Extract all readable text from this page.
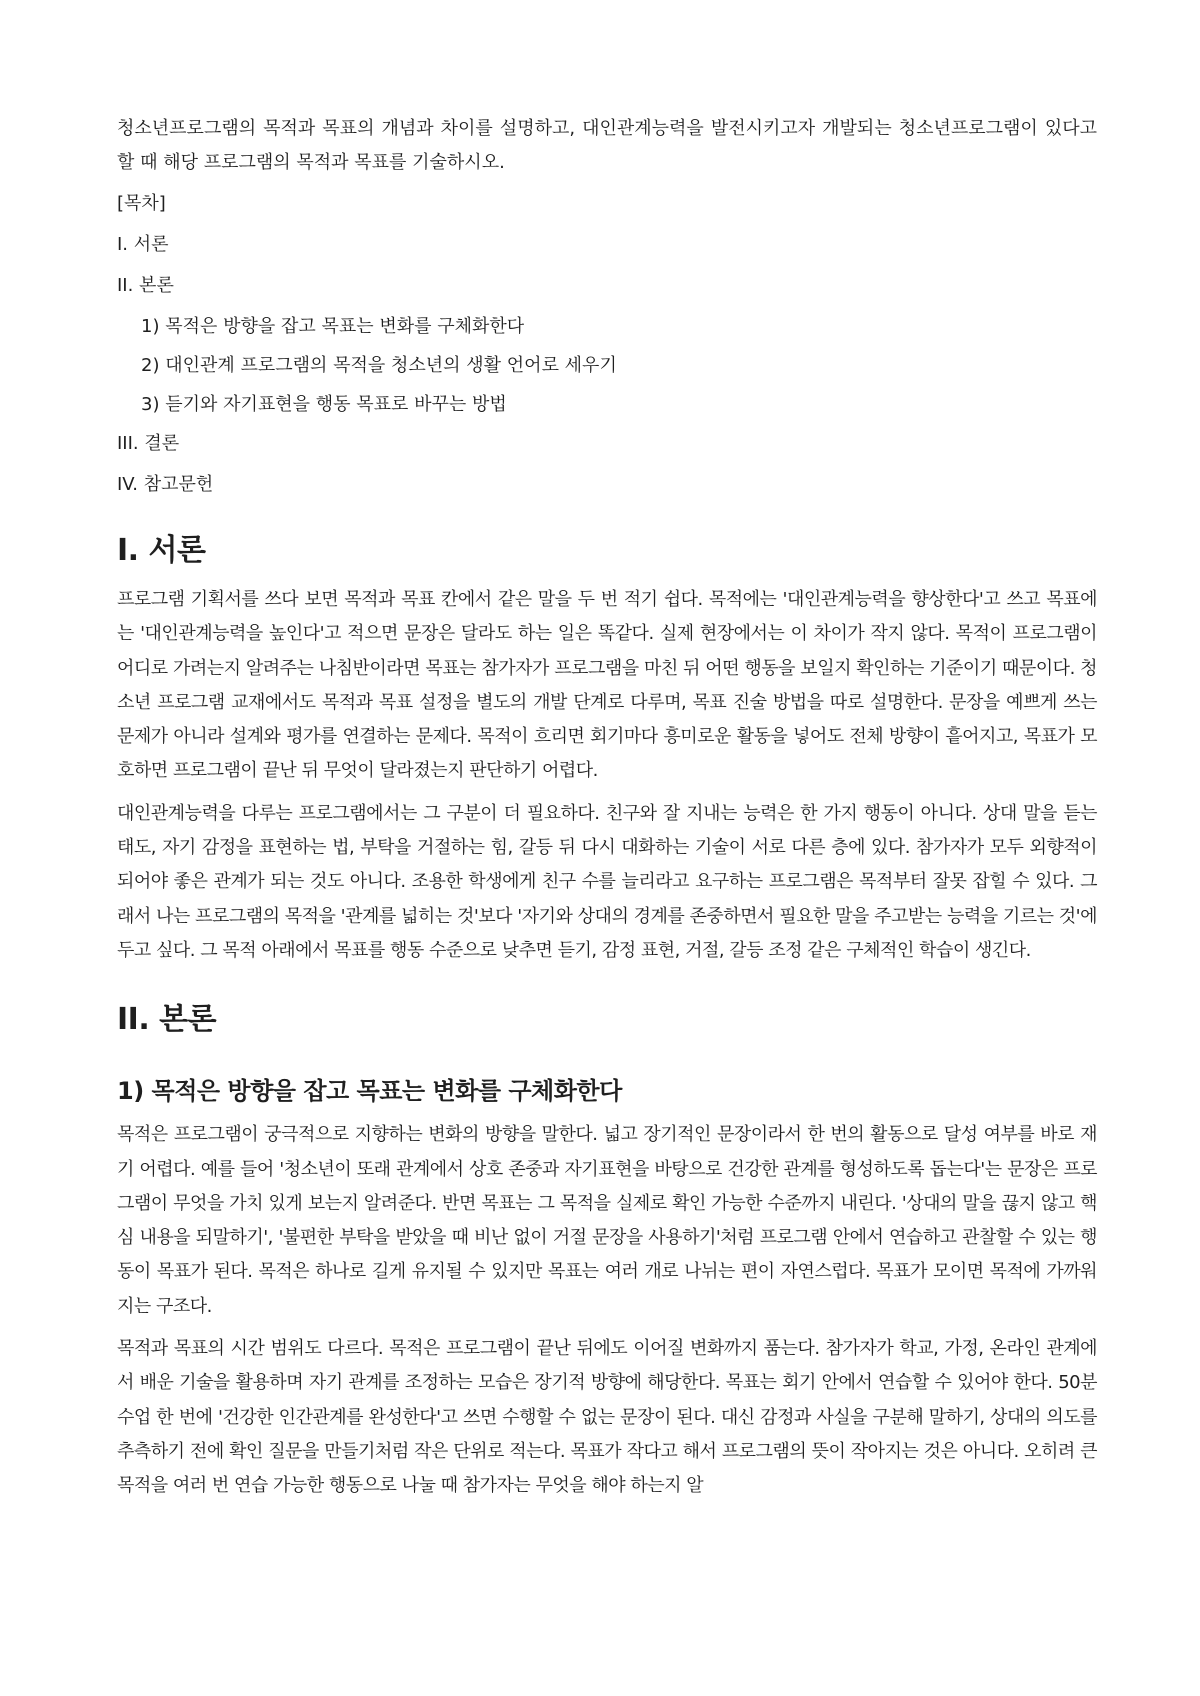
청소년프로그램의 목적과 목표의 개념과 차이를 설명하고, 대인관계능력을 발전시키고자 개발되는 청소년프로그램이 있다고 할 때 해당 프로그램의 목적과 목표를 기술하시오.

[목차]
I. 서론
II. 본론
1) 목적은 방향을 잡고 목표는 변화를 구체화한다
2) 대인관계 프로그램의 목적을 청소년의 생활 언어로 세우기
3) 듣기와 자기표현을 행동 목표로 바꾸는 방법
III. 결론
IV. 참고문헌
I. 서론

프로그램 기획서를 쓰다 보면 목적과 목표 칸에서 같은 말을 두 번 적기 쉽다. 목적에는 '대인관계능력을 향상한다'고 쓰고 목표에는 '대인관계능력을 높인다'고 적으면 문장은 달라도 하는 일은 똑같다. 실제 현장에서는 이 차이가 작지 않다. 목적이 프로그램이 어디로 가려는지 알려주는 나침반이라면 목표는 참가자가 프로그램을 마친 뒤 어떤 행동을 보일지 확인하는 기준이기 때문이다. 청소년 프로그램 교재에서도 목적과 목표 설정을 별도의 개발 단계로 다루며, 목표 진술 방법을 따로 설명한다. 문장을 예쁘게 쓰는 문제가 아니라 설계와 평가를 연결하는 문제다. 목적이 흐리면 회기마다 흥미로운 활동을 넣어도 전체 방향이 흩어지고, 목표가 모호하면 프로그램이 끝난 뒤 무엇이 달라졌는지 판단하기 어렵다.

대인관계능력을 다루는 프로그램에서는 그 구분이 더 필요하다. 친구와 잘 지내는 능력은 한 가지 행동이 아니다. 상대 말을 듣는 태도, 자기 감정을 표현하는 법, 부탁을 거절하는 힘, 갈등 뒤 다시 대화하는 기술이 서로 다른 층에 있다. 참가자가 모두 외향적이 되어야 좋은 관계가 되는 것도 아니다. 조용한 학생에게 친구 수를 늘리라고 요구하는 프로그램은 목적부터 잘못 잡힐 수 있다. 그래서 나는 프로그램의 목적을 '관계를 넓히는 것'보다 '자기와 상대의 경계를 존중하면서 필요한 말을 주고받는 능력을 기르는 것'에 두고 싶다. 그 목적 아래에서 목표를 행동 수준으로 낮추면 듣기, 감정 표현, 거절, 갈등 조정 같은 구체적인 학습이 생긴다.

II. 본론
1) 목적은 방향을 잡고 목표는 변화를 구체화한다

목적은 프로그램이 궁극적으로 지향하는 변화의 방향을 말한다. 넓고 장기적인 문장이라서 한 번의 활동으로 달성 여부를 바로 재기 어렵다. 예를 들어 '청소년이 또래 관계에서 상호 존중과 자기표현을 바탕으로 건강한 관계를 형성하도록 돕는다'는 문장은 프로그램이 무엇을 가치 있게 보는지 알려준다. 반면 목표는 그 목적을 실제로 확인 가능한 수준까지 내린다. '상대의 말을 끊지 않고 핵심 내용을 되말하기', '불편한 부탁을 받았을 때 비난 없이 거절 문장을 사용하기'처럼 프로그램 안에서 연습하고 관찰할 수 있는 행동이 목표가 된다. 목적은 하나로 길게 유지될 수 있지만 목표는 여러 개로 나뉘는 편이 자연스럽다. 목표가 모이면 목적에 가까워지는 구조다.

목적과 목표의 시간 범위도 다르다. 목적은 프로그램이 끝난 뒤에도 이어질 변화까지 품는다. 참가자가 학교, 가정, 온라인 관계에서 배운 기술을 활용하며 자기 관계를 조정하는 모습은 장기적 방향에 해당한다. 목표는 회기 안에서 연습할 수 있어야 한다. 50분 수업 한 번에 '건강한 인간관계를 완성한다'고 쓰면 수행할 수 없는 문장이 된다. 대신 감정과 사실을 구분해 말하기, 상대의 의도를 추측하기 전에 확인 질문을 만들기처럼 작은 단위로 적는다. 목표가 작다고 해서 프로그램의 뜻이 작아지는 것은 아니다. 오히려 큰 목적을 여러 번 연습 가능한 행동으로 나눌 때 참가자는 무엇을 해야 하는지 알
